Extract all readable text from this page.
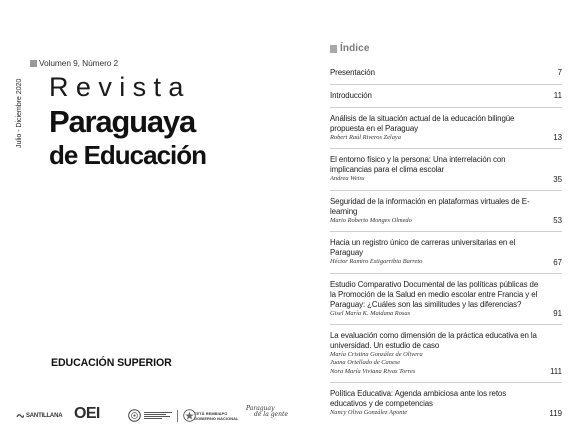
Julio - Diciembre 2020
Volumen 9, Número 2
Revista
Paraguaya
de Educación
EDUCACIÓN SUPERIOR
SANTILLANA OEI	TETÃ REMBIAPO
GOBIERNO NACIONAL
Paraguay
de la gente
Índice
Presentación	7
Introducción	11
Análisis de la situación actual de la educación bilingüe propuesta en el Paraguay
Robert Raúl Riveros Zelaya	13
El entorno físico y la persona: Una interrelación con implicancias para el clima escolar
Andrea Weiss	35
Seguridad de la información en plataformas virtuales de E-learning
Mario Roberto Monges Olmedo	53
Hacia un registro único de carreras universitarias en el Paraguay
Héctor Ramiro Estigarribia Barreto	67
Estudio Comparativo Documental de las políticas públicas de la Promoción de la Salud en medio escolar entre Francia y el Paraguay: ¿Cuáles son las similitudes y las diferencias?
Gisel María K. Maidana Rosas	91
La evaluación como dimensión de la práctica educativa en la universidad. Un estudio de caso
María Cristina González de Olivera
Juana Ortellado de Canese
Nora María Viviana Rivas Torres	111
Política Educativa: Agenda ambiciosa ante los retos educativos y de competencias
Nancy Oliva González Aponte	119
